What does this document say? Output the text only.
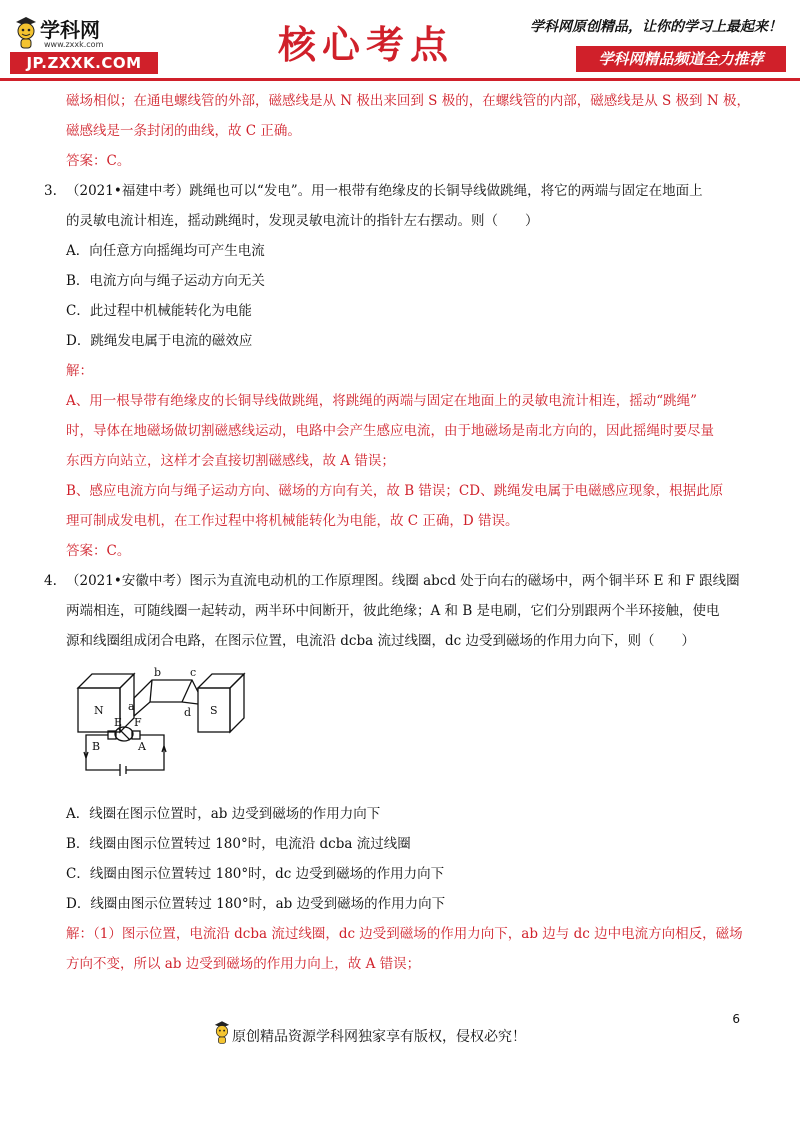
学科网
www.zxxk.com
JP.ZXXK.COM	核心考点	学科网原创精品，让你的学习上最起来！
学科网精品频道全力推荐

磁场相似；在通电螺线管的外部，磁感线是从 N 极出来回到 S 极的，在螺线管的内部，磁感线是从 S 极到 N 极，

磁感线是一条封闭的曲线，故 C 正确。

答案：C。

3. （2021•福建中考）跳绳也可以“发电”。用一根带有绝缘皮的长铜导线做跳绳，将它的两端与固定在地面上

的灵敏电流计相连，摇动跳绳时，发现灵敏电流计的指针左右摆动。则（　　）

A．向任意方向摇绳均可产生电流

B．电流方向与绳子运动方向无关

C．此过程中机械能转化为电能

D．跳绳发电属于电流的磁效应

解：

A、用一根导带有绝缘皮的长铜导线做跳绳，将跳绳的两端与固定在地面上的灵敏电流计相连，摇动“跳绳”

时，导体在地磁场做切割磁感线运动，电路中会产生感应电流，由于地磁场是南北方向的，因此摇绳时要尽量

东西方向站立，这样才会直接切割磁感线，故 A 错误；

B、感应电流方向与绳子运动方向、磁场的方向有关，故 B 错误；CD、跳绳发电属于电磁感应现象，根据此原

理可制成发电机，在工作过程中将机械能转化为电能，故 C 正确，D 错误。

答案：C。

4. （2021•安徽中考）图示为直流电动机的工作原理图。线圈 abcd 处于向右的磁场中，两个铜半环 E 和 F 跟线圈

两端相连，可随线圈一起转动，两半环中间断开，彼此绝缘；A 和 B 是电刷，它们分别跟两个半环接触，使电

源和线圈组成闭合电路，在图示位置，电流沿 dcba 流过线圈，dc 边受到磁场的作用力向下，则（　　）

N	S
a
b	c
d
E F
B	A

A．线圈在图示位置时，ab 边受到磁场的作用力向下

B．线圈由图示位置转过 180°时，电流沿 dcba 流过线圈

C．线圈由图示位置转过 180°时，dc 边受到磁场的作用力向下

D．线圈由图示位置转过 180°时，ab 边受到磁场的作用力向下

解：（1）图示位置，电流沿 dcba 流过线圈，dc 边受到磁场的作用力向下，ab 边与 dc 边中电流方向相反，磁场

方向不变，所以 ab 边受到磁场的作用力向上，故 A 错误；

原创精品资源学科网独家享有版权，侵权必究！
6
